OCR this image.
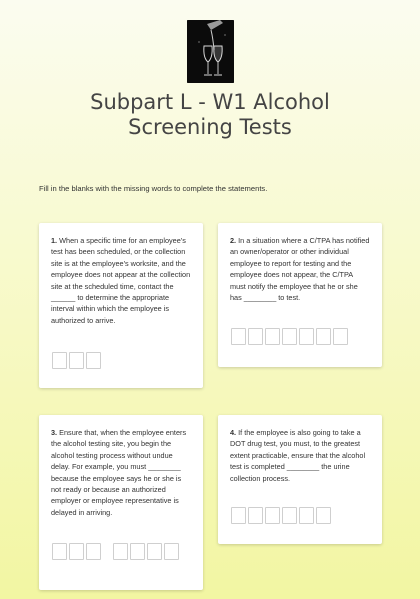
Subpart L - W1 Alcohol Screening Tests
Fill in the blanks with the missing words to complete the statements.

1. When a specific time for an employee's test has been scheduled, or the collection site is at the employee's worksite, and the employee does not appear at the collection site at the scheduled time, contact the ______ to determine the appropriate interval within which the employee is authorized to arrive.

2. In a situation where a C/TPA has notified an owner/operator or other individual employee to report for testing and the employee does not appear, the C/TPA must notify the employee that he or she has ________ to test.

3. Ensure that, when the employee enters the alcohol testing site, you begin the alcohol testing process without undue delay. For example, you must ________ because the employee says he or she is not ready or because an authorized employer or employee representative is delayed in arriving.

4. If the employee is also going to take a DOT drug test, you must, to the greatest extent practicable, ensure that the alcohol test is completed ________ the urine collection process.
